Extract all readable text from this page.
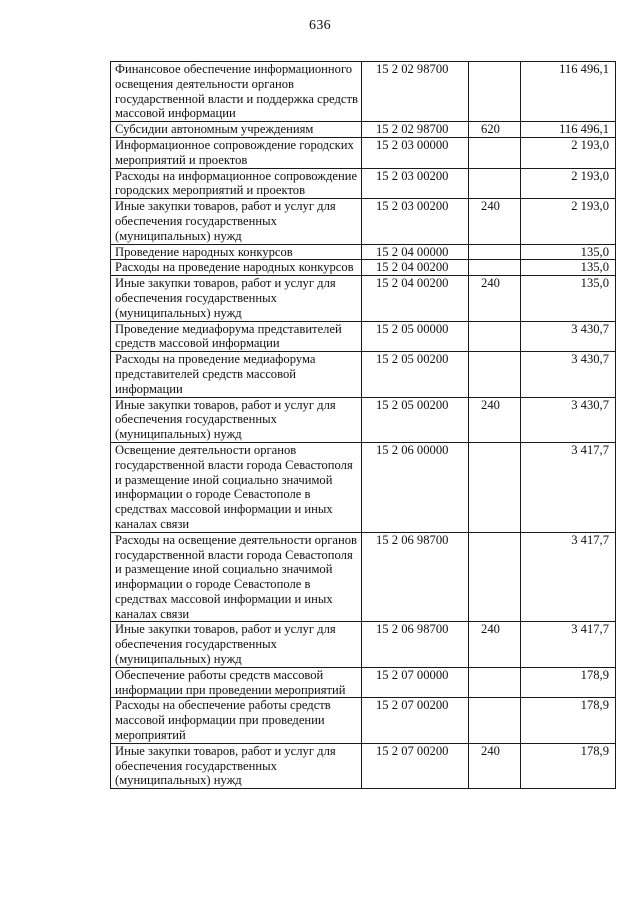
636
Финансовое обеспечение информационного освещения деятельности органов государственной власти и поддержка средств массовой информации	15 2 02 98700		116 496,1
Субсидии автономным учреждениям	15 2 02 98700	620	116 496,1
Информационное сопровождение городских мероприятий и проектов	15 2 03 00000		2 193,0
Расходы на информационное сопровождение городских мероприятий и проектов	15 2 03 00200		2 193,0
Иные закупки товаров, работ и услуг для обеспечения государственных (муниципальных) нужд	15 2 03 00200	240	2 193,0
Проведение народных конкурсов	15 2 04 00000		135,0
Расходы на проведение народных конкурсов	15 2 04 00200		135,0
Иные закупки товаров, работ и услуг для обеспечения государственных (муниципальных) нужд	15 2 04 00200	240	135,0
Проведение медиафорума представителей средств массовой информации	15 2 05 00000		3 430,7
Расходы на проведение медиафорума представителей средств массовой информации	15 2 05 00200		3 430,7
Иные закупки товаров, работ и услуг для обеспечения государственных (муниципальных) нужд	15 2 05 00200	240	3 430,7
Освещение деятельности органов государственной власти города Севастополя и размещение иной социально значимой информации о городе Севастополе в средствах массовой информации и иных каналах связи	15 2 06 00000		3 417,7
Расходы на освещение деятельности органов государственной власти города Севастополя и размещение иной социально значимой информации о городе Севастополе в средствах массовой информации и иных каналах связи	15 2 06 98700		3 417,7
Иные закупки товаров, работ и услуг для обеспечения государственных (муниципальных) нужд	15 2 06 98700	240	3 417,7
Обеспечение работы средств массовой информации при проведении мероприятий	15 2 07 00000		178,9
Расходы на обеспечение работы средств массовой информации при проведении мероприятий	15 2 07 00200		178,9
Иные закупки товаров, работ и услуг для обеспечения государственных (муниципальных) нужд	15 2 07 00200	240	178,9
